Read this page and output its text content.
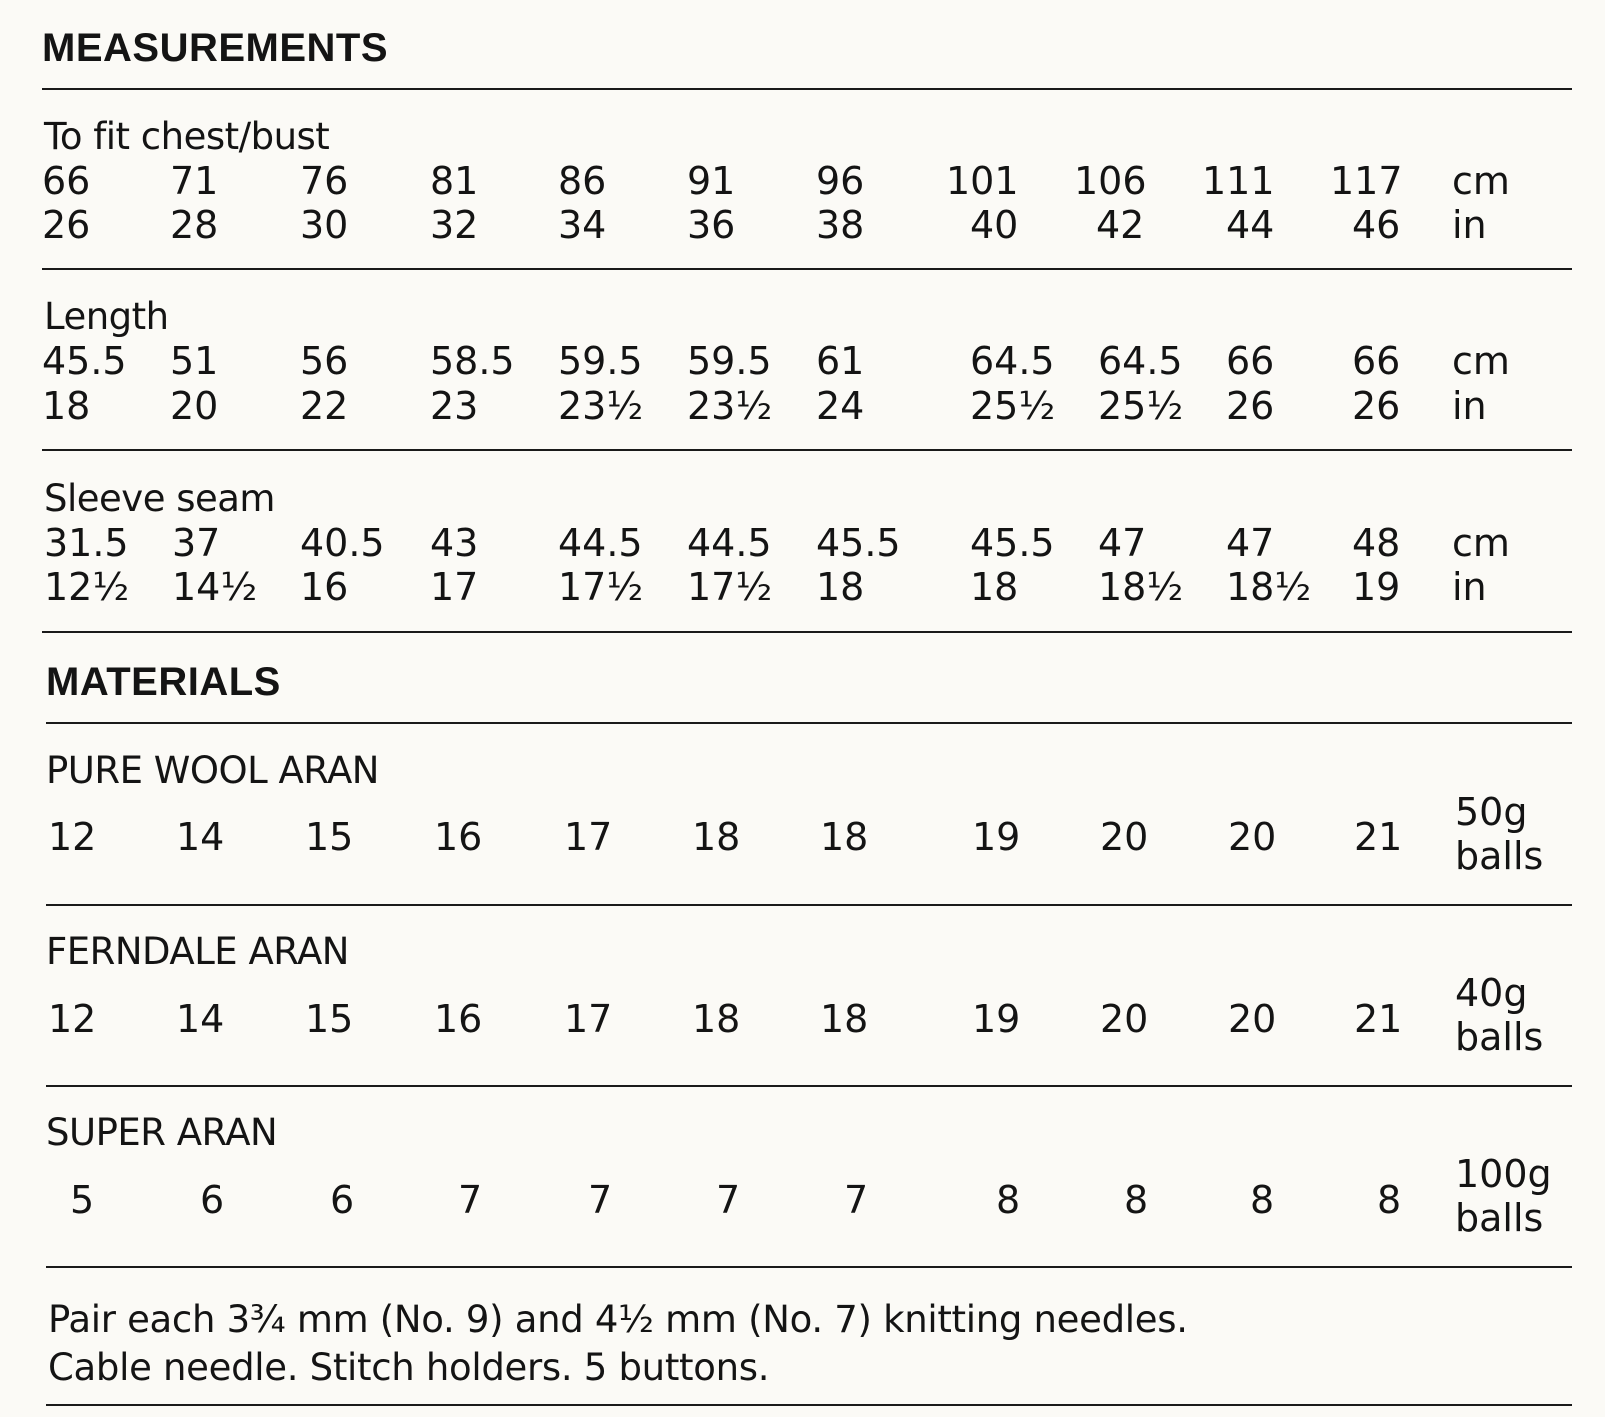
MEASUREMENTS
To fit chest/bust
66 71 76 81 86 91 96 101 106 111 117 cm
26 28 30 32 34 36 38	40 42 44 46 in
Length
45.5 51 56 58.5 59.5 59.5 61	64.5 64.5 66 66 cm
18 20 22 23 23½ 23½ 24	25½ 25½ 26 26 in
Sleeve seam
31.5 37 40.5 43 44.5 44.5 45.5 45.5 47 47 48 cm
12½ 14½ 16 17 17½ 17½ 18	18 18½ 18½ 19 in
MATERIALS
PURE WOOL ARAN
12 14 15 16 17 18 18	19 20 20 21
50g
balls
FERNDALE ARAN
12 14 15 16 17 18 18	19 20 20 21
40g
balls
SUPER ARAN
5	6	6	7	7	7	7	8	8	8	8
100g
balls
Pair each 3¾ mm (No. 9) and 4½ mm (No. 7) knitting needles.
Cable needle. Stitch holders. 5 buttons.
